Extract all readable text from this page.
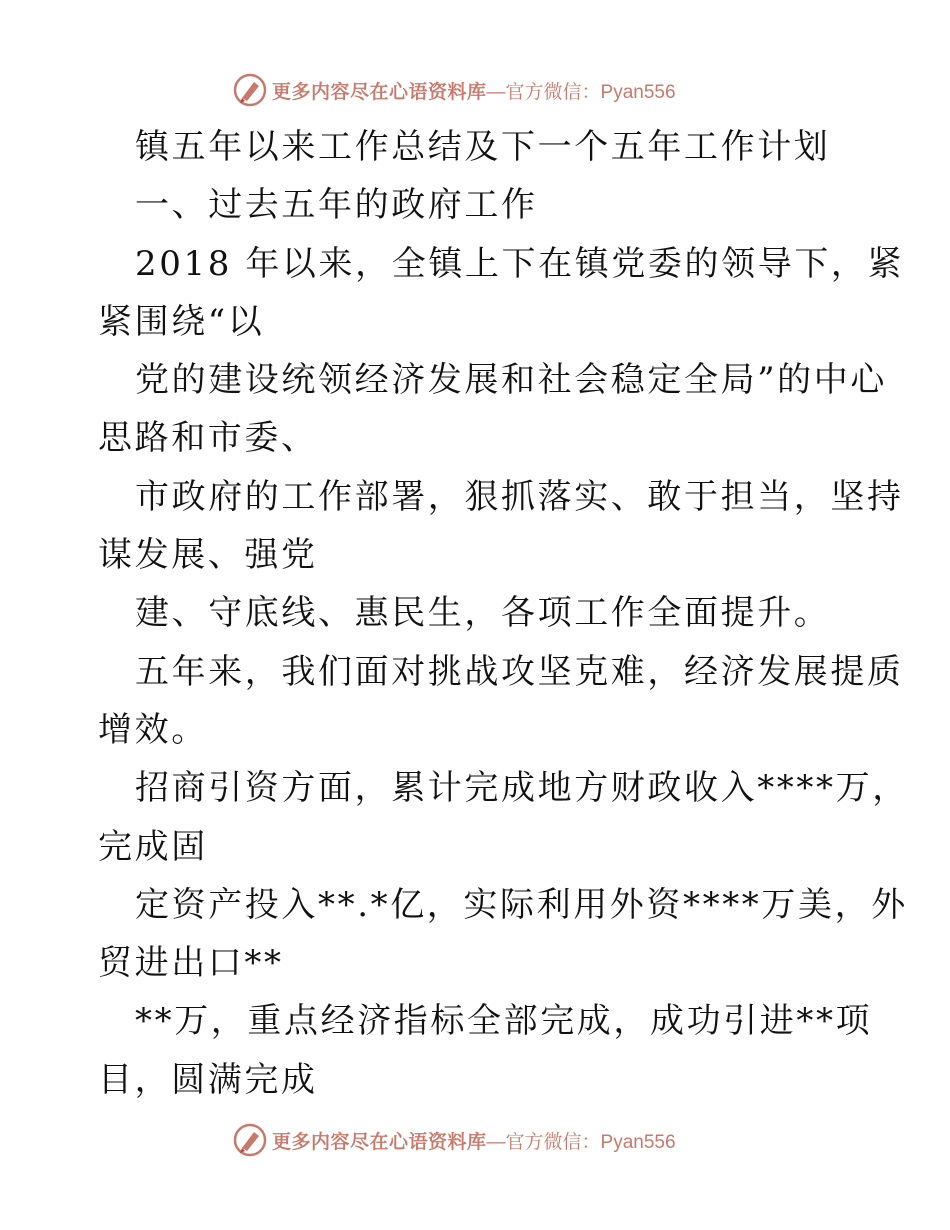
更多内容尽在心语资料库 —官方微信：Pyan556
镇五年以来工作总结及下一个五年工作计划
一、过去五年的政府工作
2018 年以来，全镇上下在镇党委的领导下，紧
紧围绕“以
党的建设统领经济发展和社会稳定全局”的中心
思路和市委、
市政府的工作部署，狠抓落实、敢于担当，坚持
谋发展、强党
建、守底线、惠民生，各项工作全面提升。
五年来，我们面对挑战攻坚克难，经济发展提质
增效。
招商引资方面，累计完成地方财政收入****万，
完成固
定资产投入**.*亿，实际利用外资****万美，外
贸进出口**
**万，重点经济指标全部完成，成功引进**项
目，圆满完成
更多内容尽在心语资料库 —官方微信：Pyan556
